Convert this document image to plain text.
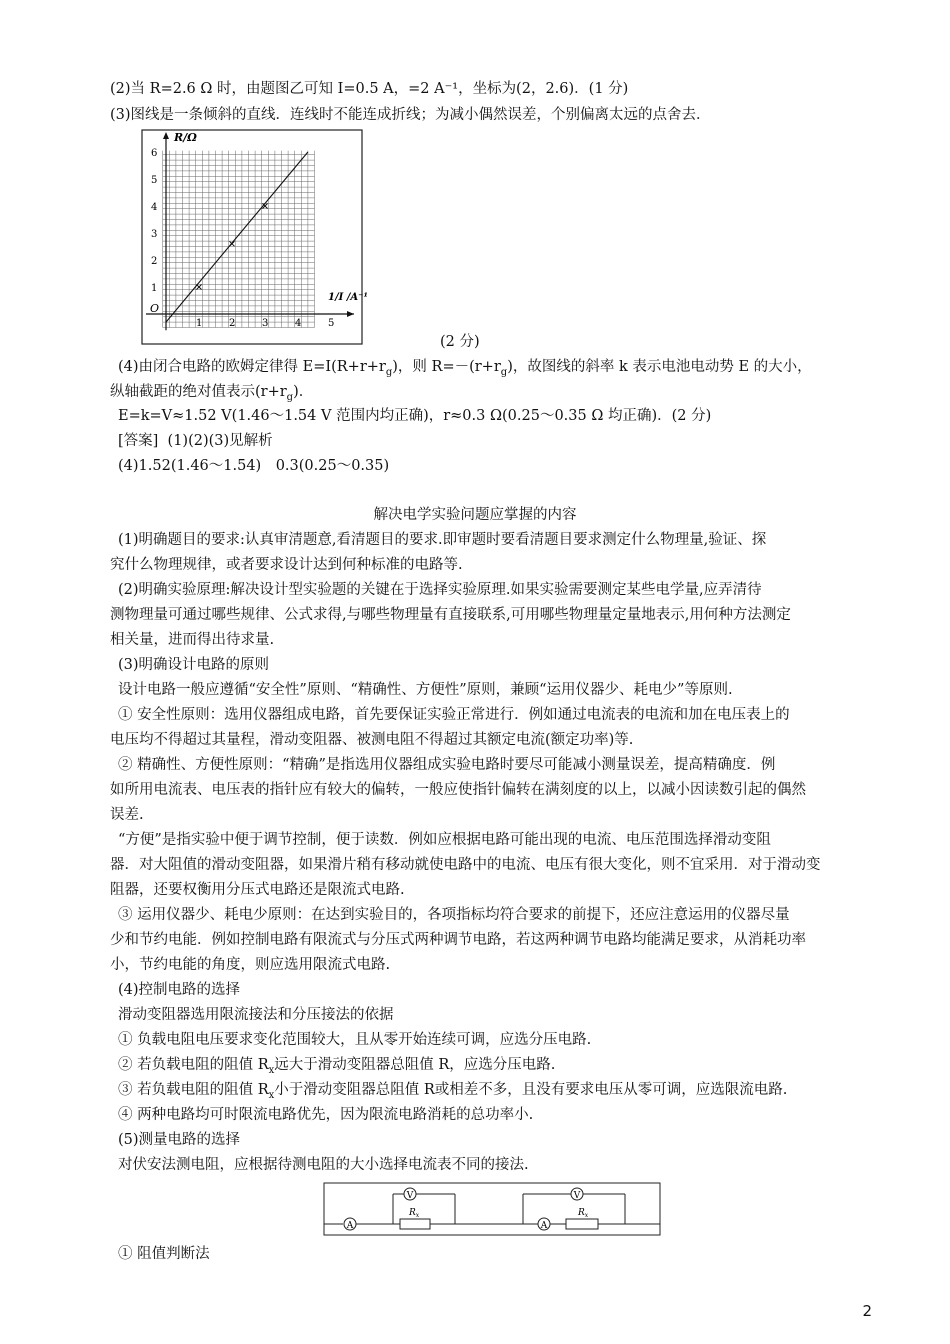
(2)当 R=2.6 Ω 时，由题图乙可知 I=0.5 A，=2 A⁻¹，坐标为(2，2.6)．(1 分)
(3)图线是一条倾斜的直线．连线时不能连成折线；为减小偶然误差，个别偏离太远的点舍去．
R/Ω
1/I /A⁻¹
O
1	2	3	4	5
1
2
3
4
5
6
(2 分)
(4)由闭合电路的欧姆定律得 $E=I(R+r+r_g)$，则 $R=-(r+r_g)$，故图线的斜率 k 表示电池电动势 E 的大小，
纵轴截距的绝对值表示$(r+r_g)$．
E=k=V≈1.52 V(1.46～1.54 V 范围内均正确)，r≈0.3 Ω(0.25～0.35 Ω 均正确)．(2 分)
[答案] (1)(2)(3)见解析
(4)1.52(1.46～1.54)　0.3(0.25～0.35)
解决电学实验问题应掌握的内容
(1)明确题目的要求:认真审清题意,看清题目的要求.即审题时要看清题目要求测定什么物理量,验证、探
究什么物理规律，或者要求设计达到何种标准的电路等.
(2)明确实验原理:解决设计型实验题的关键在于选择实验原理.如果实验需要测定某些电学量,应弄清待
测物理量可通过哪些规律、公式求得,与哪些物理量有直接联系,可用哪些物理量定量地表示,用何种方法测定
相关量，进而得出待求量.
(3)明确设计电路的原则
设计电路一般应遵循“安全性”原则、“精确性、方便性”原则，兼顾“运用仪器少、耗电少”等原则.
① 安全性原则：选用仪器组成电路，首先要保证实验正常进行．例如通过电流表的电流和加在电压表上的
电压均不得超过其量程，滑动变阻器、被测电阻不得超过其额定电流(额定功率)等.
② 精确性、方便性原则：“精确”是指选用仪器组成实验电路时要尽可能减小测量误差，提高精确度．例
如所用电流表、电压表的指针应有较大的偏转，一般应使指针偏转在满刻度的以上，以减小因读数引起的偶然
误差.
“方便”是指实验中便于调节控制，便于读数．例如应根据电路可能出现的电流、电压范围选择滑动变阻
器．对大阻值的滑动变阻器，如果滑片稍有移动就使电路中的电流、电压有很大变化，则不宜采用．对于滑动变
阻器，还要权衡用分压式电路还是限流式电路.
③ 运用仪器少、耗电少原则：在达到实验目的，各项指标均符合要求的前提下，还应注意运用的仪器尽量
少和节约电能．例如控制电路有限流式与分压式两种调节电路，若这两种调节电路均能满足要求，从消耗功率
小，节约电能的角度，则应选用限流式电路.
(4)控制电路的选择
滑动变阻器选用限流接法和分压接法的依据
① 负载电阻电压要求变化范围较大，且从零开始连续可调，应选分压电路.
② 若负载电阻的阻值 $R_x$远大于滑动变阻器总阻值 R，应选分压电路.
③ 若负载电阻的阻值 $R_x$小于滑动变阻器总阻值 R或相差不多，且没有要求电压从零可调，应选限流电路.
④ 两种电路均可时限流电路优先，因为限流电路消耗的总功率小.
(5)测量电路的选择
对伏安法测电阻，应根据待测电阻的大小选择电流表不同的接法.
A
V
$R_x$
V
A
$R_x$
① 阻值判断法
2
